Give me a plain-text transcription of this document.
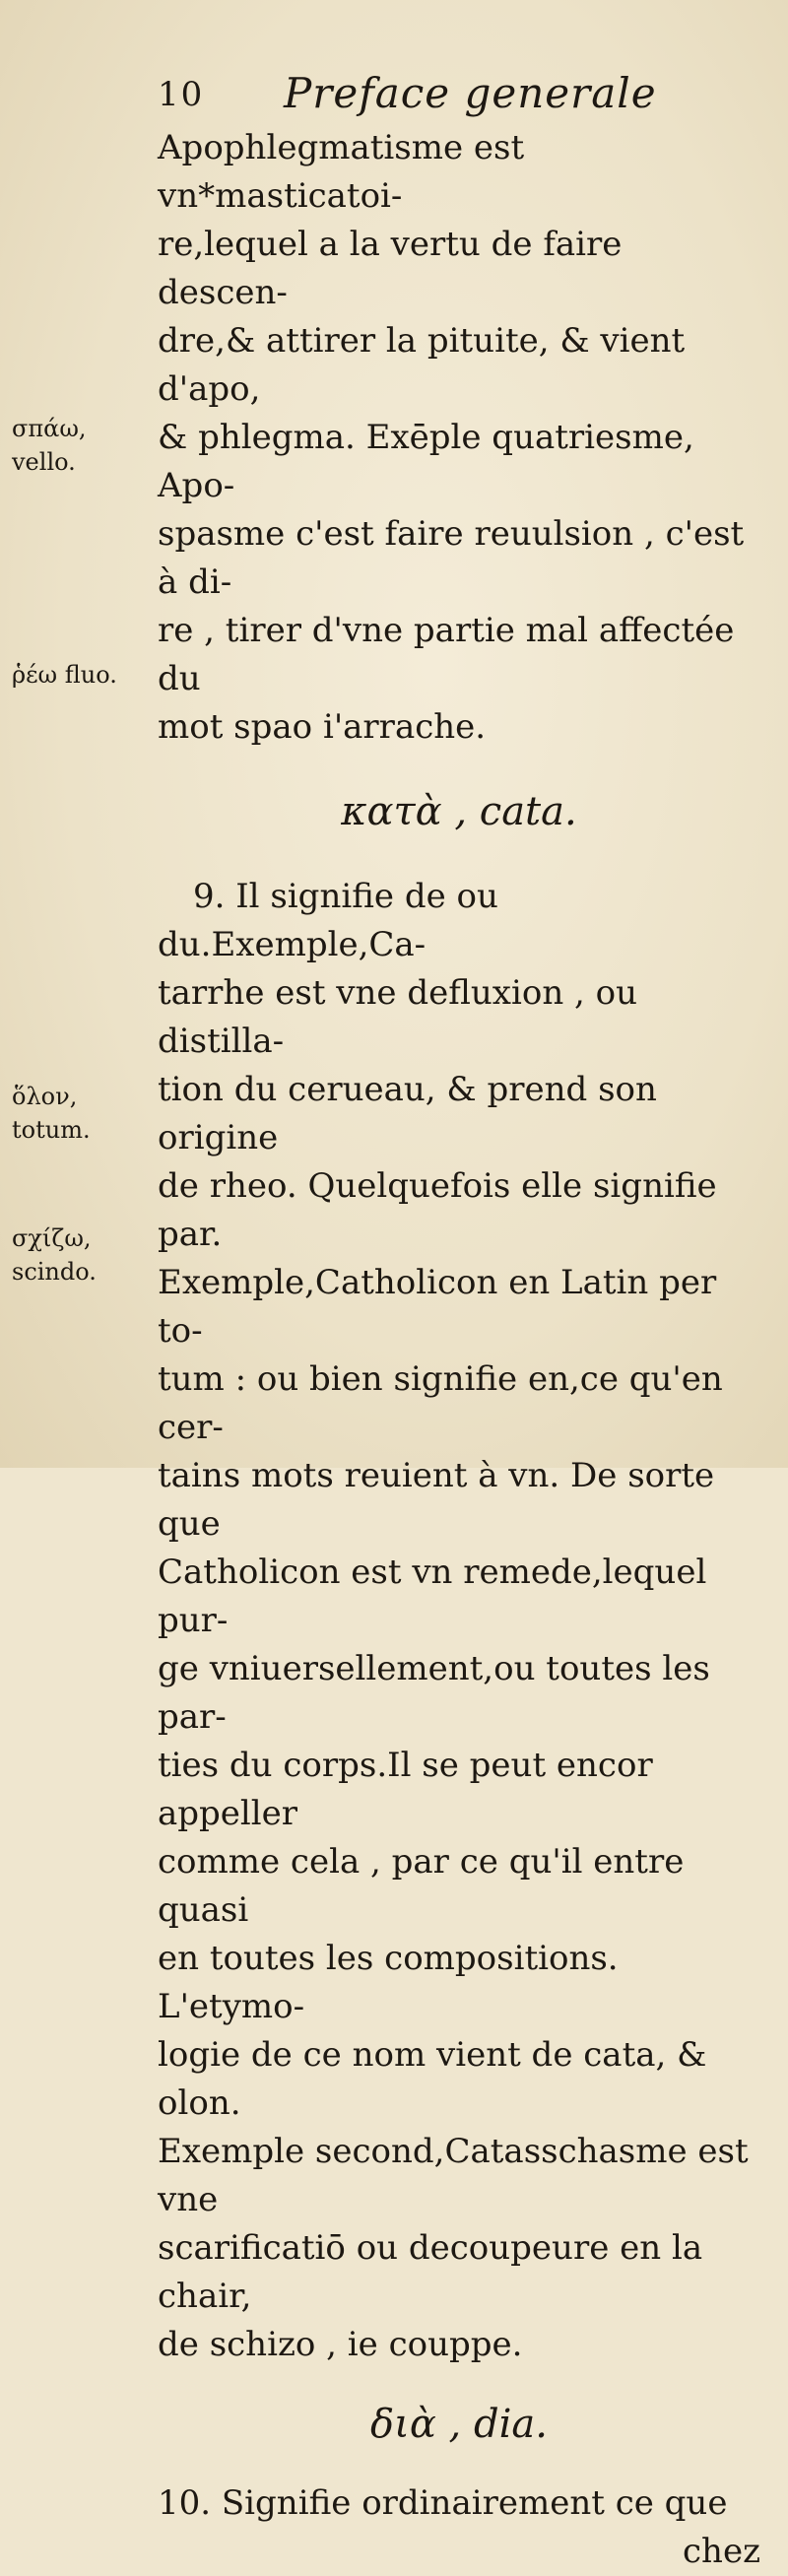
10 Preface generale

Apophlegmatisme est vn*masticatoi-
re,lequel a la vertu de faire descen-
dre,& attirer la pituite, & vient d'apo,
& phlegma. Exēple quatriesme, Apo-
spasme c'est faire reuulsion , c'est à di-
re , tirer d'vne partie mal affectée du
mot spao i'arrache.

κατὰ , cata.

9. Il signifie de ou du.Exemple,Ca-
tarrhe est vne defluxion , ou distilla-
tion du cerueau, & prend son origine
de rheo. Quelquefois elle signifie par.
Exemple,Catholicon en Latin per to-
tum : ou bien signifie en,ce qu'en cer-
tains mots reuient à vn. De sorte que
Catholicon est vn remede,lequel pur-
ge vniuersellement,ou toutes les par-
ties du corps.Il se peut encor appeller
comme cela , par ce qu'il entre quasi
en toutes les compositions. L'etymo-
logie de ce nom vient de cata, & olon.
Exemple second,Catasschasme est vne
scarificatiō ou decoupeure en la chair,
de schizo , ie couppe.

διὰ , dia.

10. Signifie ordinairement ce que

chez

σπάω,
vello.
ῥέω fluo.
ὅλον,
totum.
σχίζω,
scindo.
